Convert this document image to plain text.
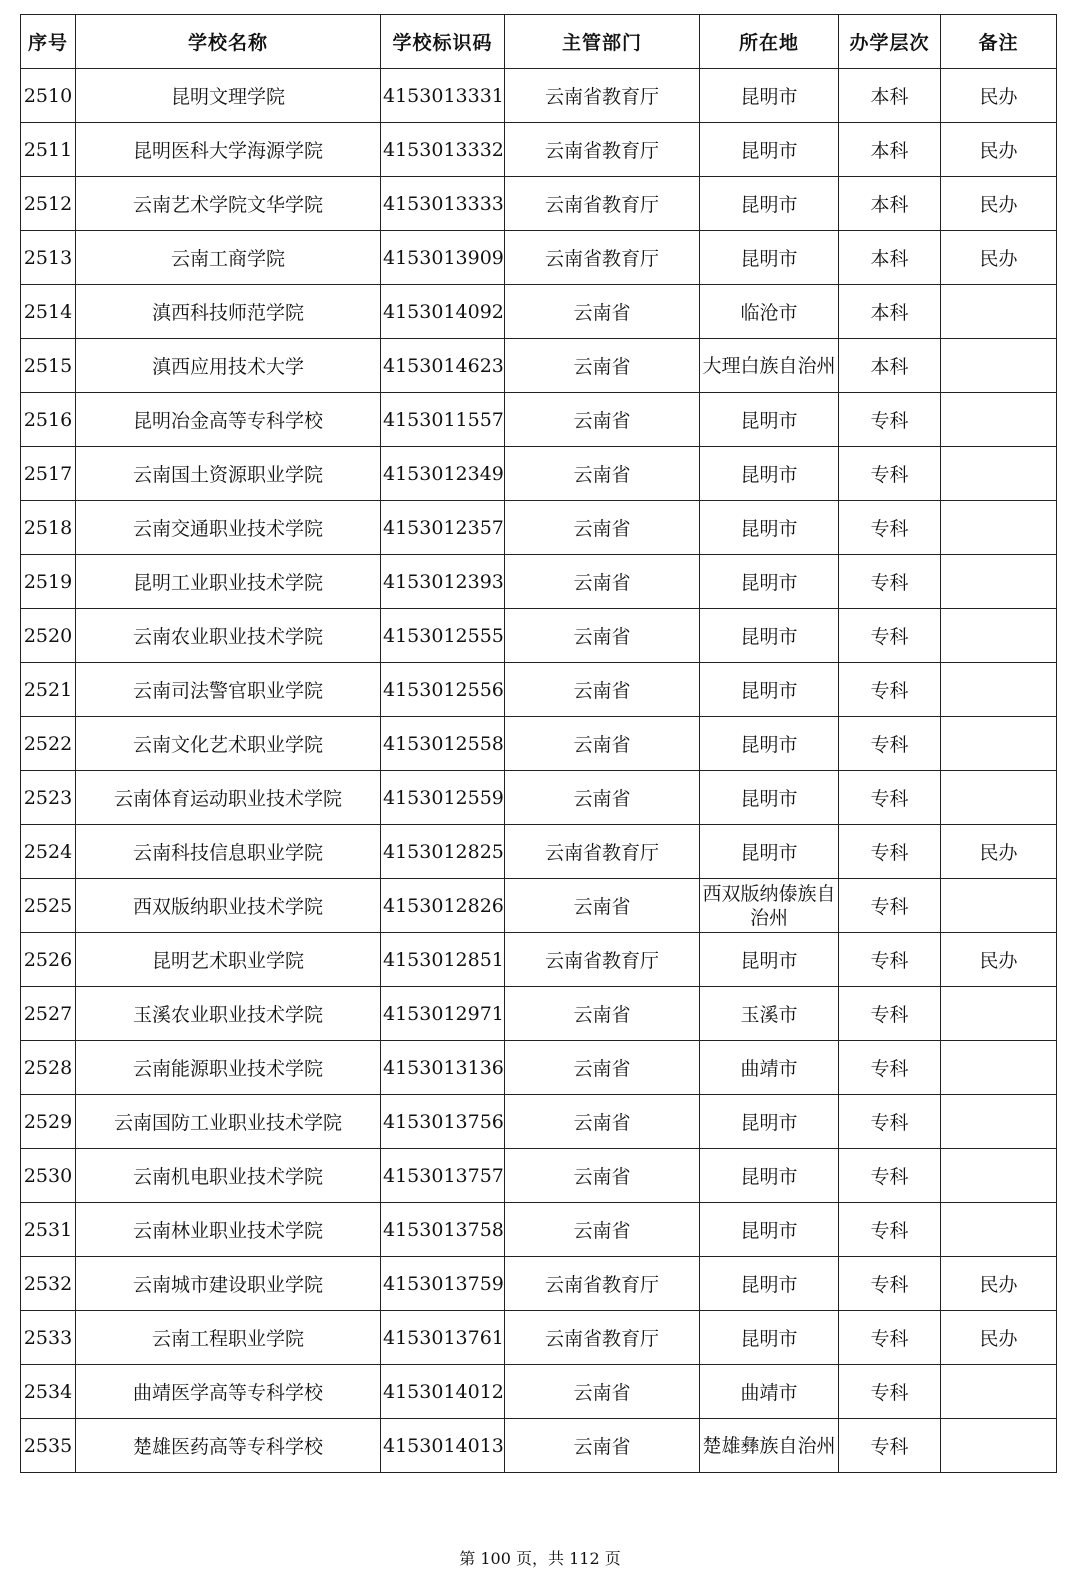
序号	学校名称	学校标识码	主管部门	所在地	办学层次	备注
2510	昆明文理学院	4153013331	云南省教育厅	昆明市	本科	民办
2511	昆明医科大学海源学院	4153013332	云南省教育厅	昆明市	本科	民办
2512	云南艺术学院文华学院	4153013333	云南省教育厅	昆明市	本科	民办
2513	云南工商学院	4153013909	云南省教育厅	昆明市	本科	民办
2514	滇西科技师范学院	4153014092	云南省	临沧市	本科	
2515	滇西应用技术大学	4153014623	云南省	大理白族自治州	本科	
2516	昆明冶金高等专科学校	4153011557	云南省	昆明市	专科	
2517	云南国土资源职业学院	4153012349	云南省	昆明市	专科	
2518	云南交通职业技术学院	4153012357	云南省	昆明市	专科	
2519	昆明工业职业技术学院	4153012393	云南省	昆明市	专科	
2520	云南农业职业技术学院	4153012555	云南省	昆明市	专科	
2521	云南司法警官职业学院	4153012556	云南省	昆明市	专科	
2522	云南文化艺术职业学院	4153012558	云南省	昆明市	专科	
2523	云南体育运动职业技术学院	4153012559	云南省	昆明市	专科	
2524	云南科技信息职业学院	4153012825	云南省教育厅	昆明市	专科	民办
2525	西双版纳职业技术学院	4153012826	云南省	西双版纳傣族自治州	专科	
2526	昆明艺术职业学院	4153012851	云南省教育厅	昆明市	专科	民办
2527	玉溪农业职业技术学院	4153012971	云南省	玉溪市	专科	
2528	云南能源职业技术学院	4153013136	云南省	曲靖市	专科	
2529	云南国防工业职业技术学院	4153013756	云南省	昆明市	专科	
2530	云南机电职业技术学院	4153013757	云南省	昆明市	专科	
2531	云南林业职业技术学院	4153013758	云南省	昆明市	专科	
2532	云南城市建设职业学院	4153013759	云南省教育厅	昆明市	专科	民办
2533	云南工程职业学院	4153013761	云南省教育厅	昆明市	专科	民办
2534	曲靖医学高等专科学校	4153014012	云南省	曲靖市	专科	
2535	楚雄医药高等专科学校	4153014013	云南省	楚雄彝族自治州	专科	
第 100 页，共 112 页
